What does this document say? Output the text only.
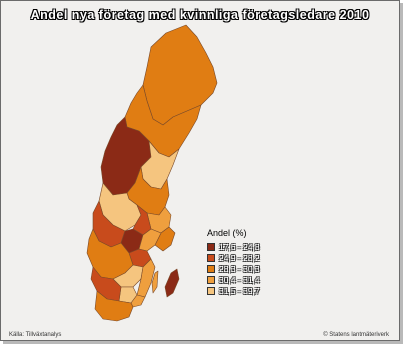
Andel nya företag med kvinnliga företagsledare 2010
Andel (%)
17,6 - 24,8
24,9 - 28,2
28,3 - 30,3
30,4 - 31,4
31,5 - 39,7
Källa: Tillväxtanalys	© Statens lantmäteriverk
